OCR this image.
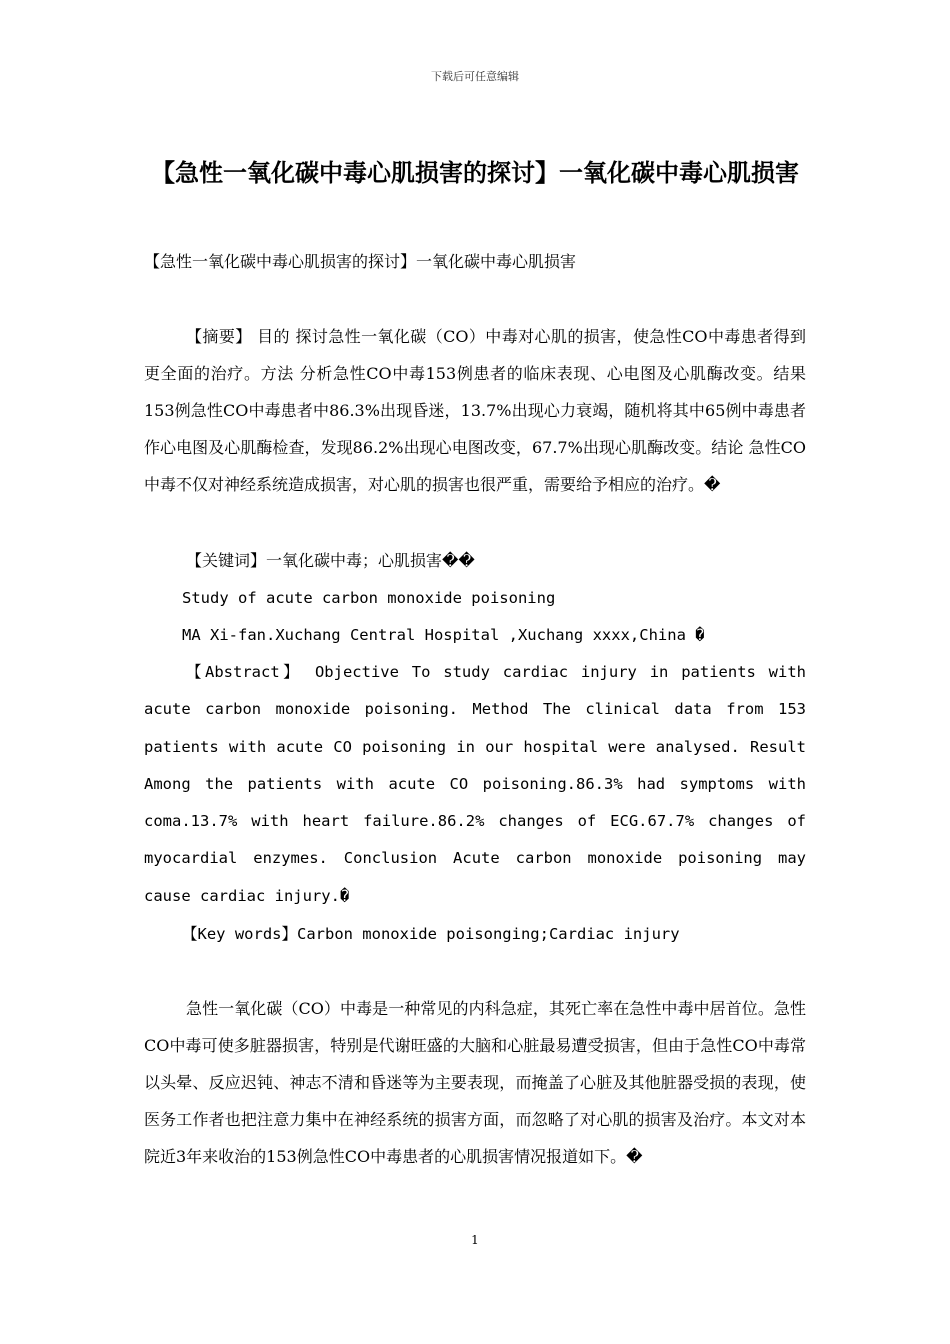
下载后可任意编辑
【急性一氧化碳中毒心肌损害的探讨】一氧化碳中毒心肌损害
【急性一氧化碳中毒心肌损害的探讨】一氧化碳中毒心肌损害
【摘要】 目的 探讨急性一氧化碳（CO）中毒对心肌的损害，使急性CO中毒患者得到更全面的治疗。方法 分析急性CO中毒153例患者的临床表现、心电图及心肌酶改变。结果 153例急性CO中毒患者中86.3%出现昏迷，13.7%出现心力衰竭，随机将其中65例中毒患者作心电图及心肌酶检查，发现86.2%出现心电图改变，67.7%出现心肌酶改变。结论 急性CO中毒不仅对神经系统造成损害，对心肌的损害也很严重，需要给予相应的治疗。�
【关键词】一氧化碳中毒；心肌损害��
Study of acute carbon monoxide poisoning
MA Xi-fan.Xuchang Central Hospital ,Xuchang xxxx,China �
【Abstract】 Objective To study cardiac injury in patients with acute carbon monoxide poisoning. Method The clinical data from 153 patients with acute CO poisoning in our hospital were analysed. Result Among the patients with acute CO poisoning.86.3% had symptoms with coma.13.7% with heart failure.86.2% changes of ECG.67.7% changes of myocardial enzymes. Conclusion Acute carbon monoxide poisoning may cause cardiac injury.�
【Key words】Carbon monoxide poisonging;Cardiac injury
急性一氧化碳（CO）中毒是一种常见的内科急症，其死亡率在急性中毒中居首位。急性CO中毒可使多脏器损害，特别是代谢旺盛的大脑和心脏最易遭受损害，但由于急性CO中毒常以头晕、反应迟钝、神志不清和昏迷等为主要表现，而掩盖了心脏及其他脏器受损的表现，使医务工作者也把注意力集中在神经系统的损害方面，而忽略了对心肌的损害及治疗。本文对本院近3年来收治的153例急性CO中毒患者的心肌损害情况报道如下。�
1
